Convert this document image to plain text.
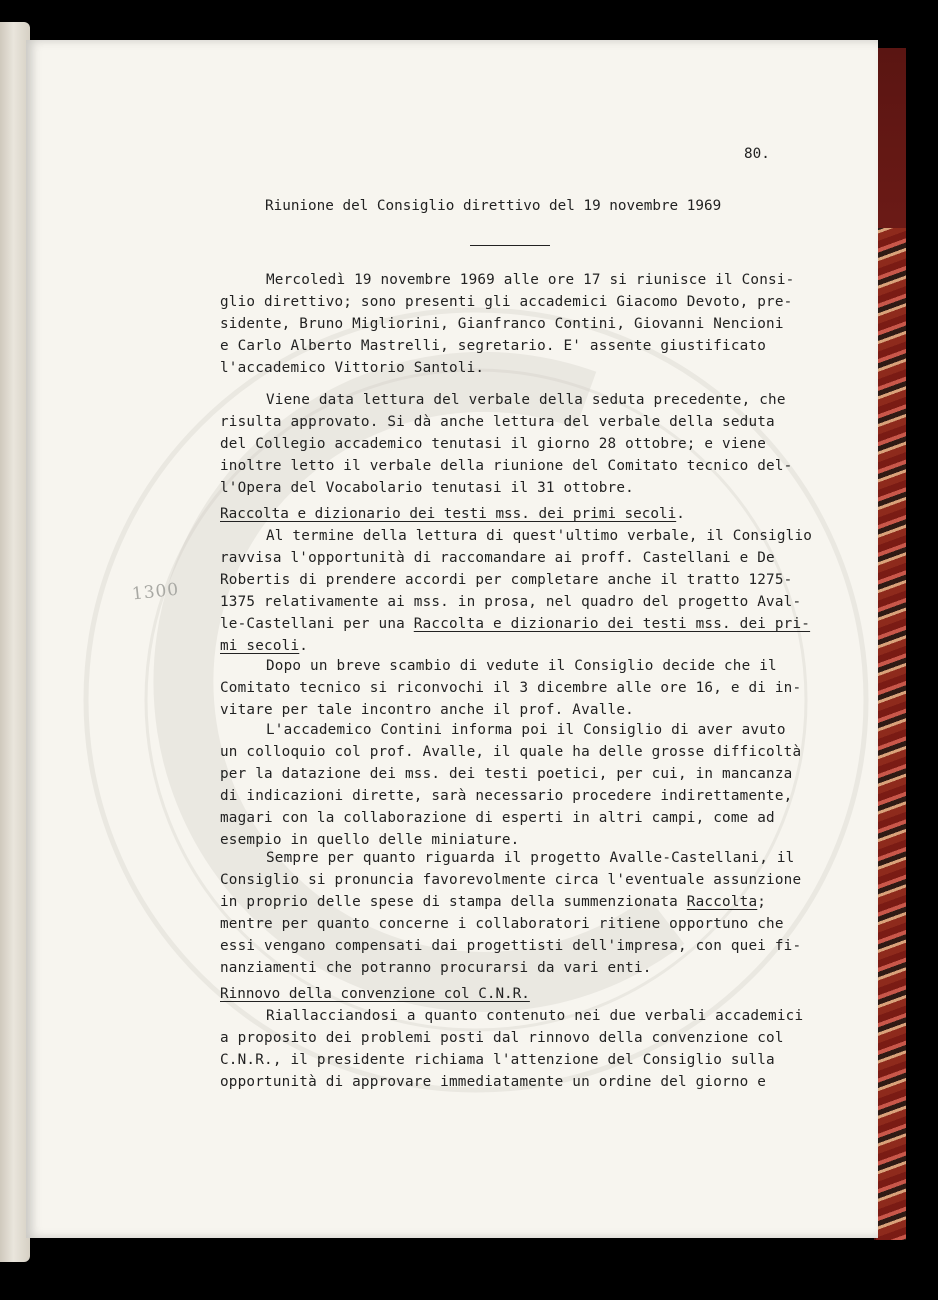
80.
Riunione del Consiglio direttivo del 19 novembre 1969
1300
Mercoledì 19 novembre 1969 alle ore 17 si riunisce il Consi-
glio direttivo; sono presenti gli accademici Giacomo Devoto, pre-
sidente, Bruno Migliorini, Gianfranco Contini, Giovanni Nencioni
e Carlo Alberto Mastrelli, segretario. E' assente giustificato
l'accademico Vittorio Santoli.
Viene data lettura del verbale della seduta precedente, che
risulta approvato. Si dà anche lettura del verbale della seduta
del Collegio accademico tenutasi il giorno 28 ottobre; e viene
inoltre letto il verbale della riunione del Comitato tecnico del-
l'Opera del Vocabolario tenutasi il 31 ottobre.
Raccolta e dizionario dei testi mss. dei primi secoli.
Al termine della lettura di quest'ultimo verbale, il Consiglio
ravvisa l'opportunità di raccomandare ai proff. Castellani e De
Robertis di prendere accordi per completare anche il tratto 1275-
1375 relativamente ai mss. in prosa, nel quadro del progetto Aval-
le-Castellani per una Raccolta e dizionario dei testi mss. dei pri-
mi secoli.
Dopo un breve scambio di vedute il Consiglio decide che il
Comitato tecnico si riconvochi il 3 dicembre alle ore 16, e di in-
vitare per tale incontro anche il prof. Avalle.
L'accademico Contini informa poi il Consiglio di aver avuto
un colloquio col prof. Avalle, il quale ha delle grosse difficoltà
per la datazione dei mss. dei testi poetici, per cui, in mancanza
di indicazioni dirette, sarà necessario procedere indirettamente,
magari con la collaborazione di esperti in altri campi, come ad
esempio in quello delle miniature.
Sempre per quanto riguarda il progetto Avalle-Castellani, il
Consiglio si pronuncia favorevolmente circa l'eventuale assunzione
in proprio delle spese di stampa della summenzionata Raccolta;
mentre per quanto concerne i collaboratori ritiene opportuno che
essi vengano compensati dai progettisti dell'impresa, con quei fi-
nanziamenti che potranno procurarsi da vari enti.
Rinnovo della convenzione col C.N.R.
Riallacciandosi a quanto contenuto nei due verbali accademici
a proposito dei problemi posti dal rinnovo della convenzione col
C.N.R., il presidente richiama l'attenzione del Consiglio sulla
opportunità di approvare immediatamente un ordine del giorno e
